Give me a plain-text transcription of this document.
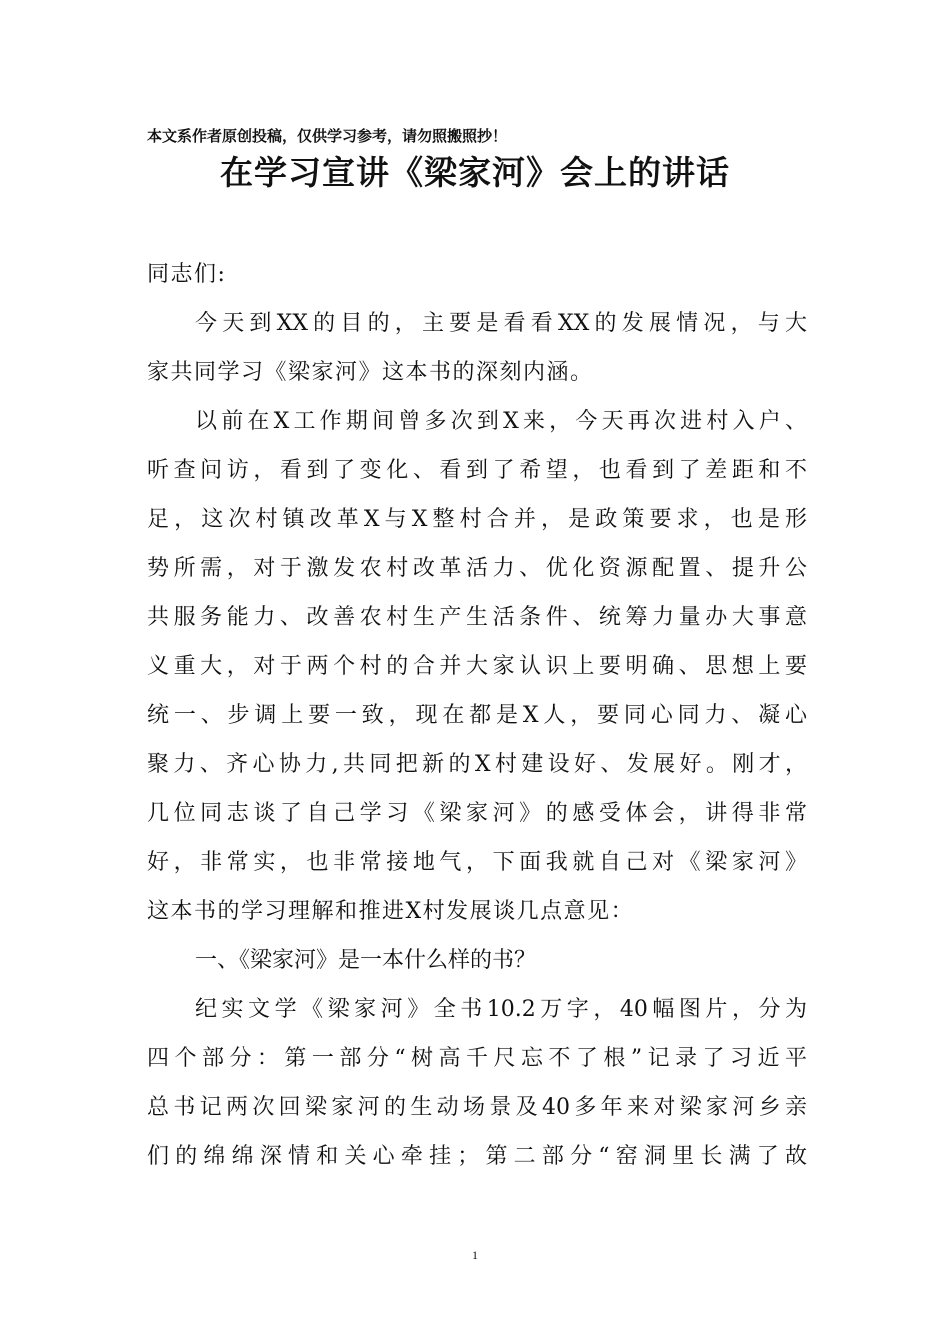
本文系作者原创投稿，仅供学习参考，请勿照搬照抄！
在学习宣讲《梁家河》会上的讲话
同志们:
今天到XX的目的，主要是看看XX的发展情况，与大
家共同学习《梁家河》这本书的深刻内涵。
以前在X工作期间曾多次到X来，今天再次进村入户、
听查问访，看到了变化、看到了希望，也看到了差距和不
足，这次村镇改革X与X整村合并，是政策要求，也是形
势所需，对于激发农村改革活力、优化资源配置、提升公
共服务能力、改善农村生产生活条件、统筹力量办大事意
义重大，对于两个村的合并大家认识上要明确、思想上要
统一、步调上要一致，现在都是X人，要同心同力、凝心
聚力、齐心协力,共同把新的X村建设好、发展好。刚才，
几位同志谈了自己学习《梁家河》的感受体会，讲得非常
好，非常实，也非常接地气，下面我就自己对《梁家河》
这本书的学习理解和推进X村发展谈几点意见：
一、《梁家河》是一本什么样的书？
纪实文学《梁家河》全书10.2万字，40幅图片，分为
四个部分：第一部分“树高千尺忘不了根”记录了习近平
总书记两次回梁家河的生动场景及40多年来对梁家河乡亲
们的绵绵深情和关心牵挂；第二部分“窑洞里长满了故
1
